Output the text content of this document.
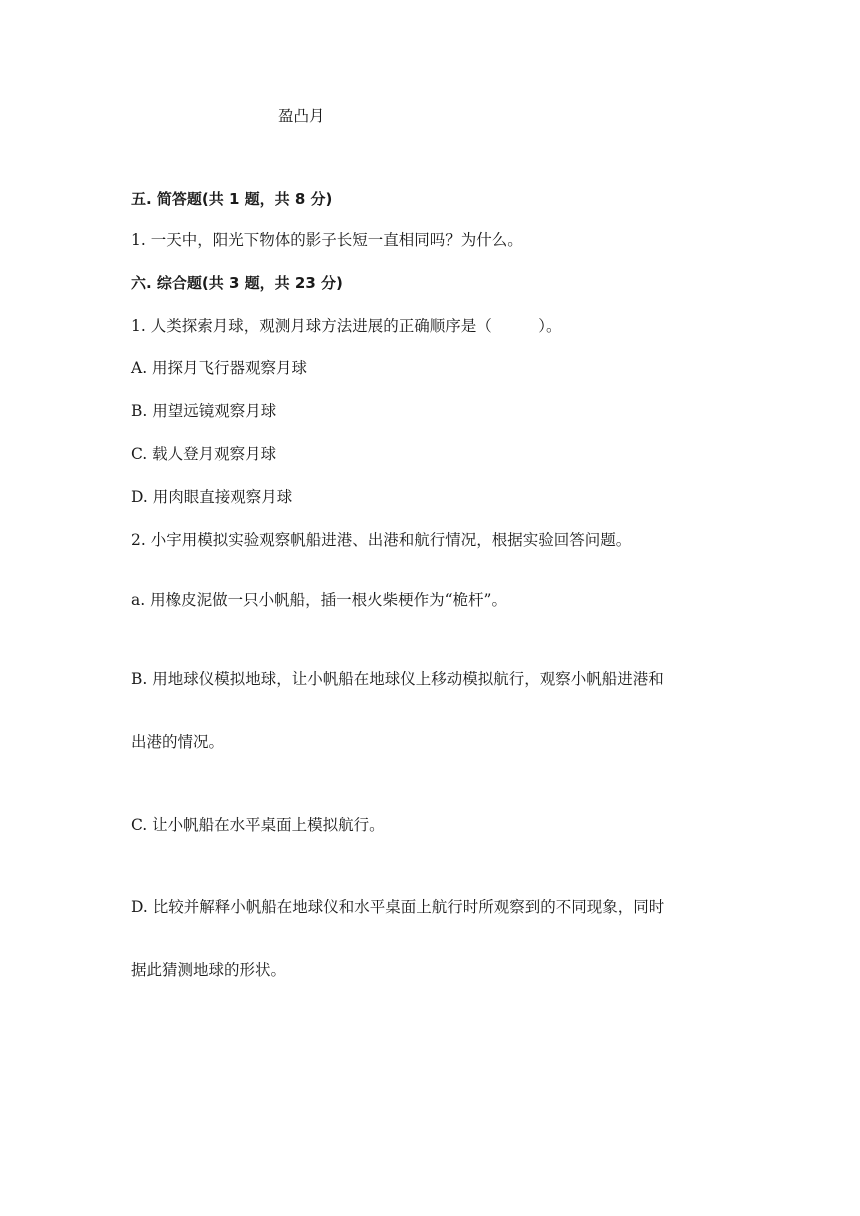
盈凸月
五. 简答题(共 1 题，共 8 分)
1. 一天中，阳光下物体的影子长短一直相同吗？为什么。
六. 综合题(共 3 题，共 23 分)
1. 人类探索月球，观测月球方法进展的正确顺序是（　　　）。
A. 用探月飞行器观察月球
B. 用望远镜观察月球
C. 载人登月观察月球
D. 用肉眼直接观察月球
2. 小宇用模拟实验观察帆船进港、出港和航行情况，根据实验回答问题。
a. 用橡皮泥做一只小帆船，插一根火柴梗作为“桅杆”。
B. 用地球仪模拟地球，让小帆船在地球仪上移动模拟航行，观察小帆船进港和
出港的情况。
C. 让小帆船在水平桌面上模拟航行。
D. 比较并解释小帆船在地球仪和水平桌面上航行时所观察到的不同现象，同时
据此猜测地球的形状。
